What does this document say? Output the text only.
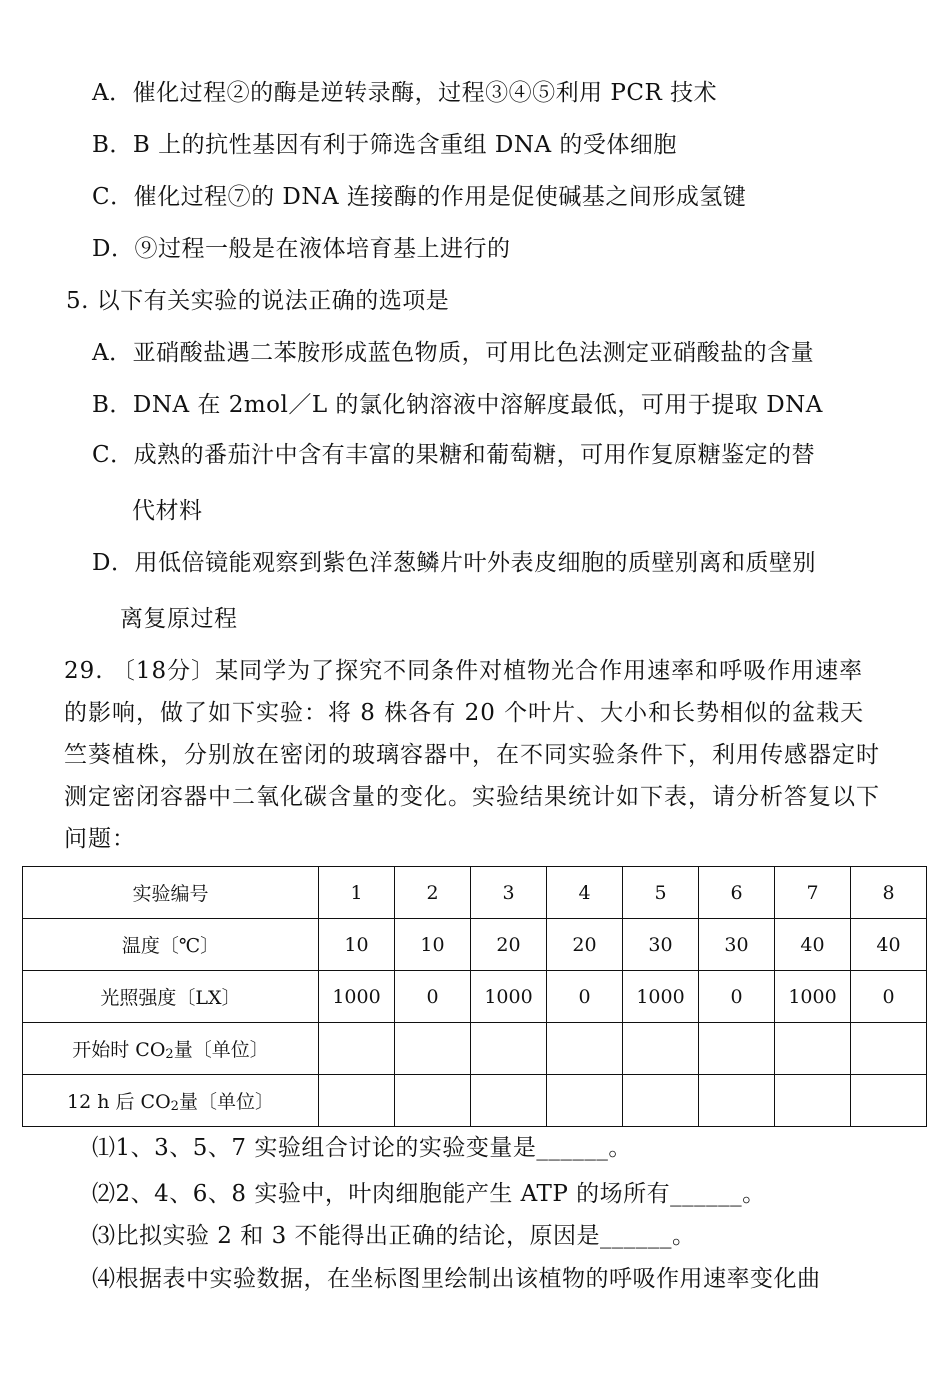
A．催化过程②的酶是逆转录酶，过程③④⑤利用 PCR 技术
B．B 上的抗性基因有利于筛选含重组 DNA 的受体细胞
C．催化过程⑦的 DNA 连接酶的作用是促使碱基之间形成氢键
D．⑨过程一般是在液体培育基上进行的
5. 以下有关实验的说法正确的选项是
A．亚硝酸盐遇二苯胺形成蓝色物质，可用比色法测定亚硝酸盐的含量
B．DNA 在 2mol／L 的氯化钠溶液中溶解度最低，可用于提取 DNA
C．成熟的番茄汁中含有丰富的果糖和葡萄糖，可用作复原糖鉴定的替
代材料
D．用低倍镜能观察到紫色洋葱鳞片叶外表皮细胞的质壁别离和质壁别
离复原过程
29. 〔18分〕某同学为了探究不同条件对植物光合作用速率和呼吸作用速率的影响，做了如下实验：将 8 株各有 20 个叶片、大小和长势相似的盆栽天竺葵植株，分别放在密闭的玻璃容器中，在不同实验条件下，利用传感器定时测定密闭容器中二氧化碳含量的变化。实验结果统计如下表，请分析答复以下问题：
实验编号	1	2	3	4	5	6	7	8
温度〔℃〕	10	10	20	20	30	30	40	40
光照强度〔LX〕	1000	0	1000	0	1000	0	1000	0
开始时 $CO_2$量〔单位〕								
12 h 后 $CO_2$量〔单位〕								
⑴1、3、5、7 实验组合讨论的实验变量是______。
⑵2、4、6、8 实验中，叶肉细胞能产生 ATP 的场所有______。
⑶比拟实验 2 和 3 不能得出正确的结论，原因是______。
⑷根据表中实验数据，在坐标图里绘制出该植物的呼吸作用速率变化曲
